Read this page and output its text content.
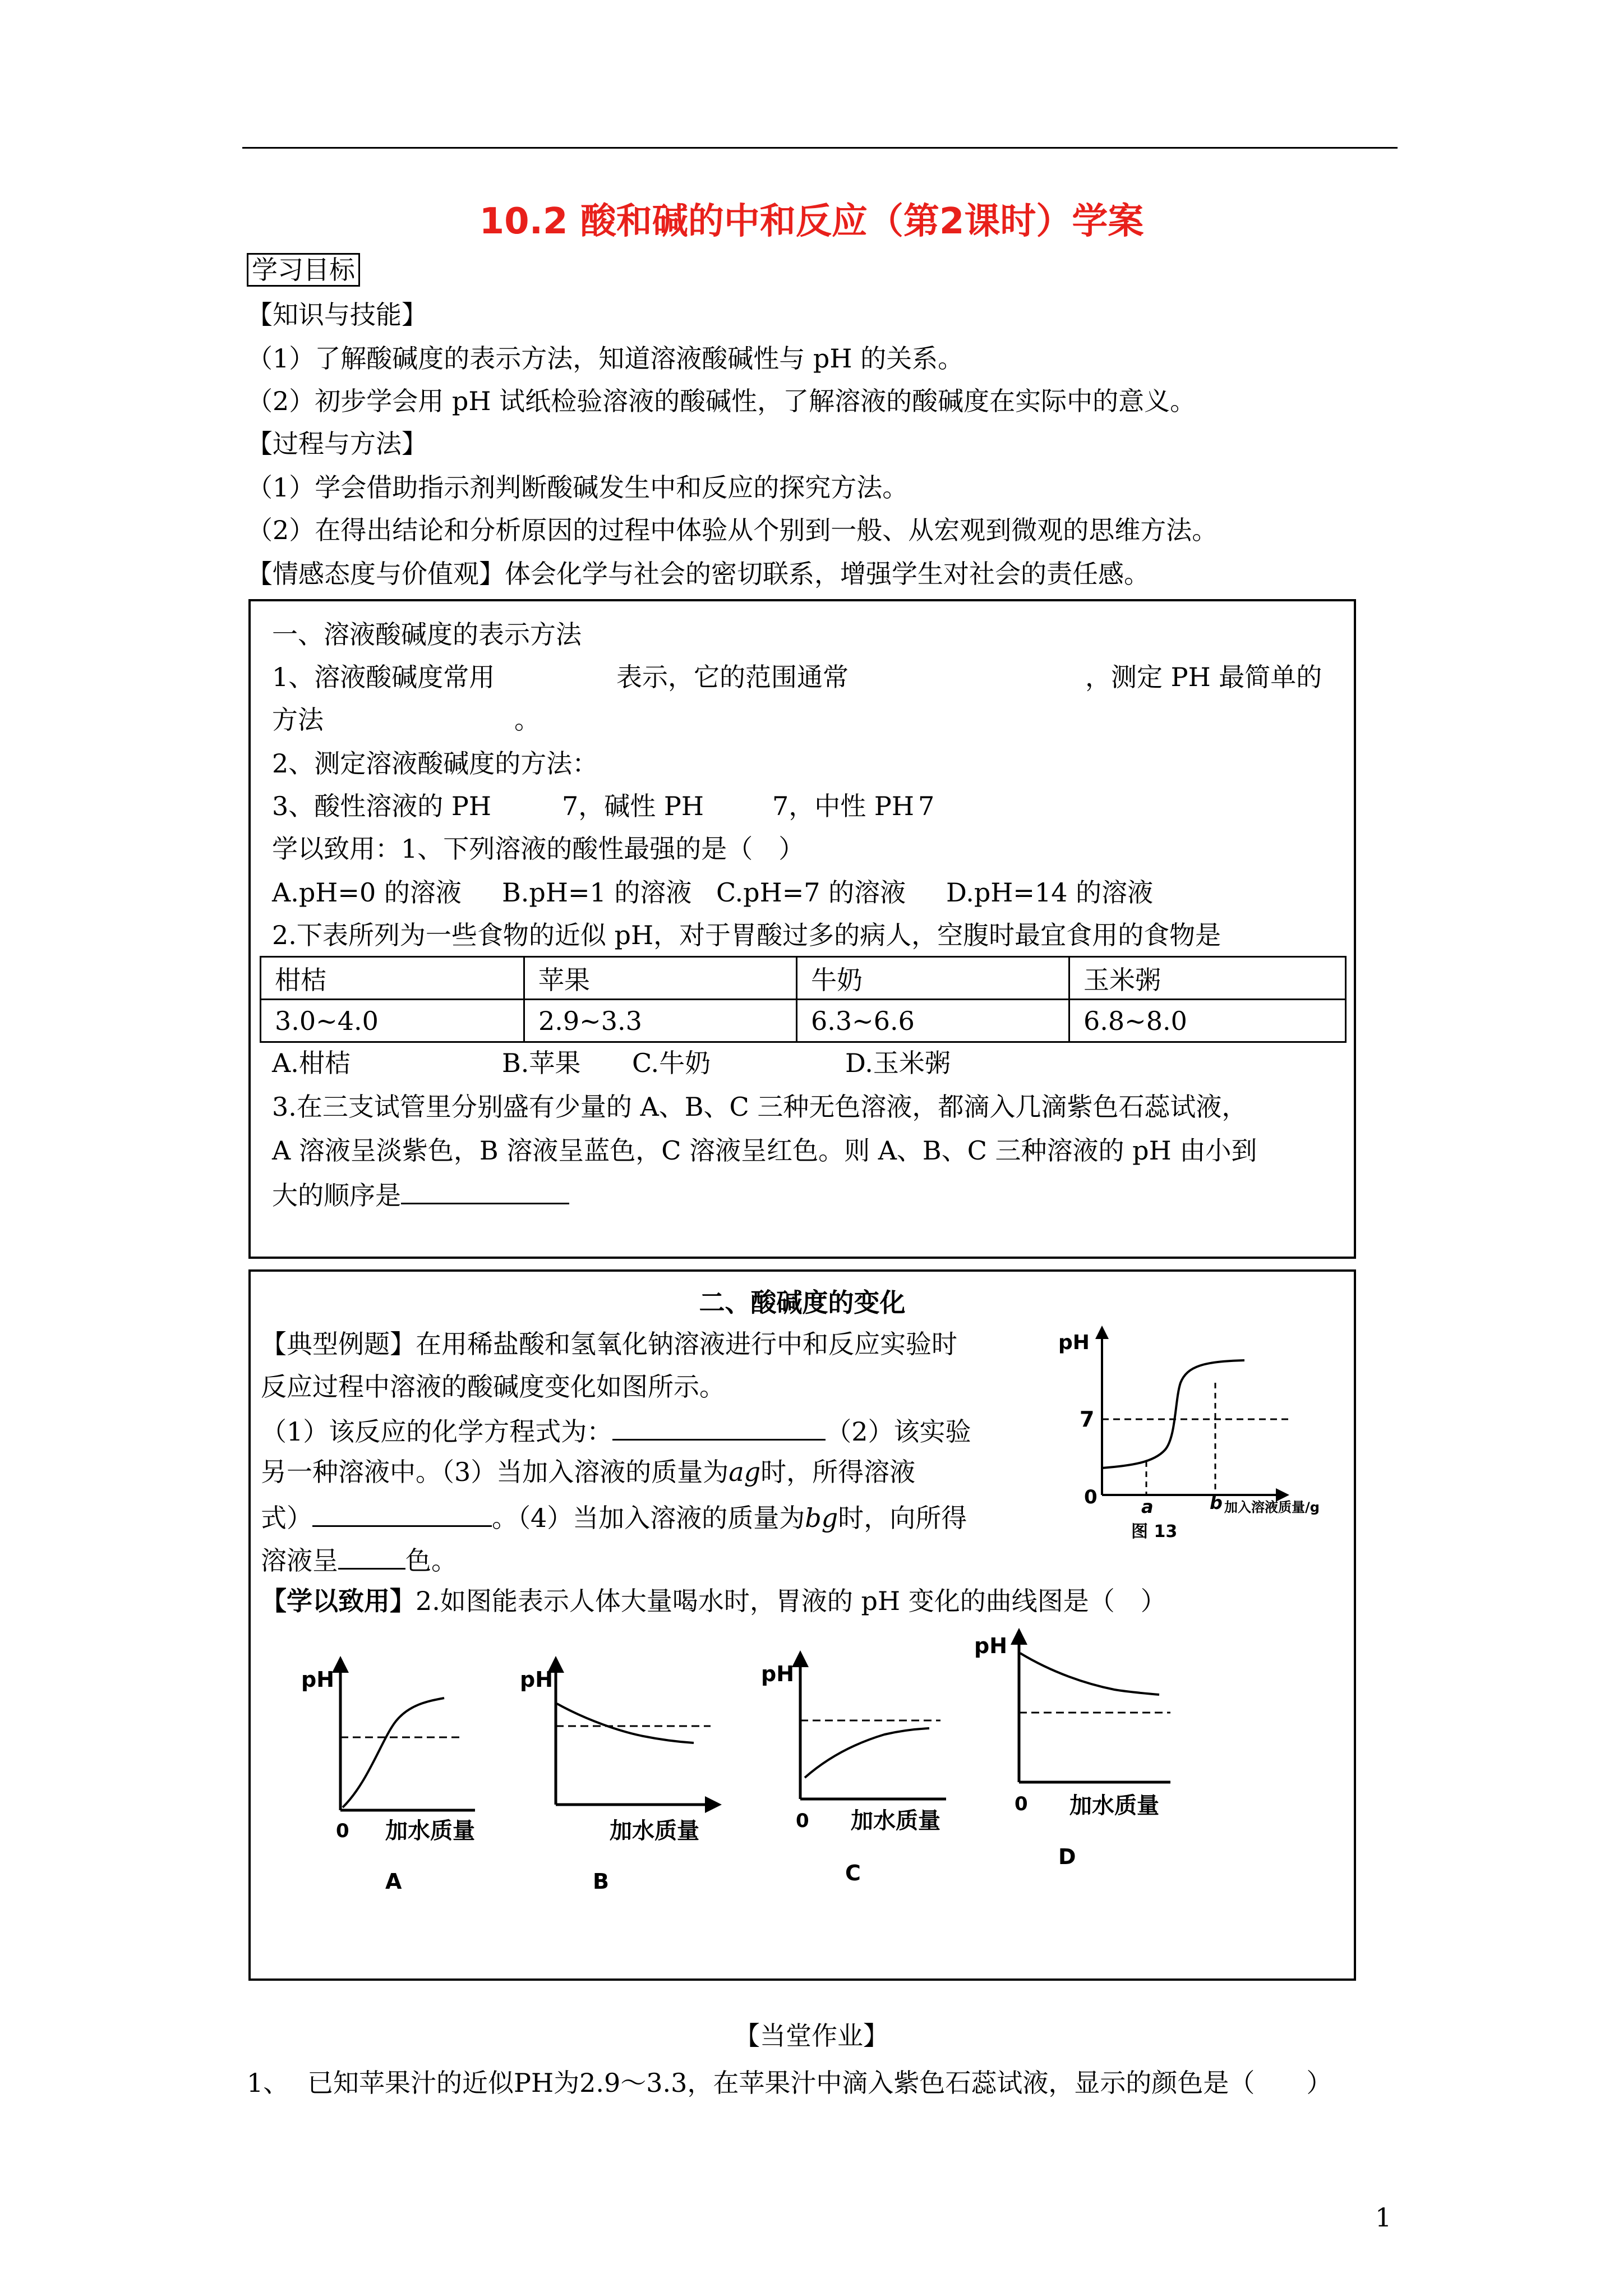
10.2 酸和碱的中和反应（第2课时）学案
学习目标
【知识与技能】
（1）了解酸碱度的表示方法，知道溶液酸碱性与 pH 的关系。
（2）初步学会用 pH 试纸检验溶液的酸碱性，了解溶液的酸碱度在实际中的意义。
【过程与方法】
（1）学会借助指示剂判断酸碱发生中和反应的探究方法。
（2）在得出结论和分析原因的过程中体验从个别到一般、从宏观到微观的思维方法。
【情感态度与价值观】体会化学与社会的密切联系，增强学生对社会的责任感。
一、溶液酸碱度的表示方法
1、溶液酸碱度常用	表示，它的范围通常	，测定 PH 最简单的
方法	。
2、测定溶液酸碱度的方法：
3、酸性溶液的 PH	7，碱性 PH	7，中性 PH 7
学以致用：1、下列溶液的酸性最强的是（　）
A.pH=0 的溶液 B.pH=1 的溶液 C.pH=7 的溶液 D.pH=14 的溶液
2.下表所列为一些食物的近似 pH，对于胃酸过多的病人，空腹时最宜食用的食物是
柑桔	苹果	牛奶	玉米粥
3.0~4.0	2.9~3.3	6.3~6.6	6.8~8.0
A.柑桔	B.苹果 C.牛奶	D.玉米粥
3.在三支试管里分别盛有少量的 A、B、C 三种无色溶液，都滴入几滴紫色石蕊试液，
A 溶液呈淡紫色，B 溶液呈蓝色，C 溶液呈红色。则 A、B、C 三种溶液的 pH 由小到
大的顺序是
二、酸碱度的变化
【典型例题】在用稀盐酸和氢氧化钠溶液进行中和反应实验时
反应过程中溶液的酸碱度变化如图所示。
（1）该反应的化学方程式为：	（2）该实验
另一种溶液中。（3）当加入溶液的质量为ag时，所得溶液
式）	。（4）当加入溶液的质量为bg时，向所得
溶液呈	色。
【学以致用】2.如图能表示人体大量喝水时，胃液的 pH 变化的曲线图是（　）
pH
7
0 a	b 加入溶液质量/g
图 13
pH
0 加水质量
A
pH
加水质量
B
pH
0 加水质量
C
pH
0 加水质量
D
【当堂作业】
1、 已知苹果汁的近似PH为2.9～3.3，在苹果汁中滴入紫色石蕊试液，显示的颜色是（　　）
1
